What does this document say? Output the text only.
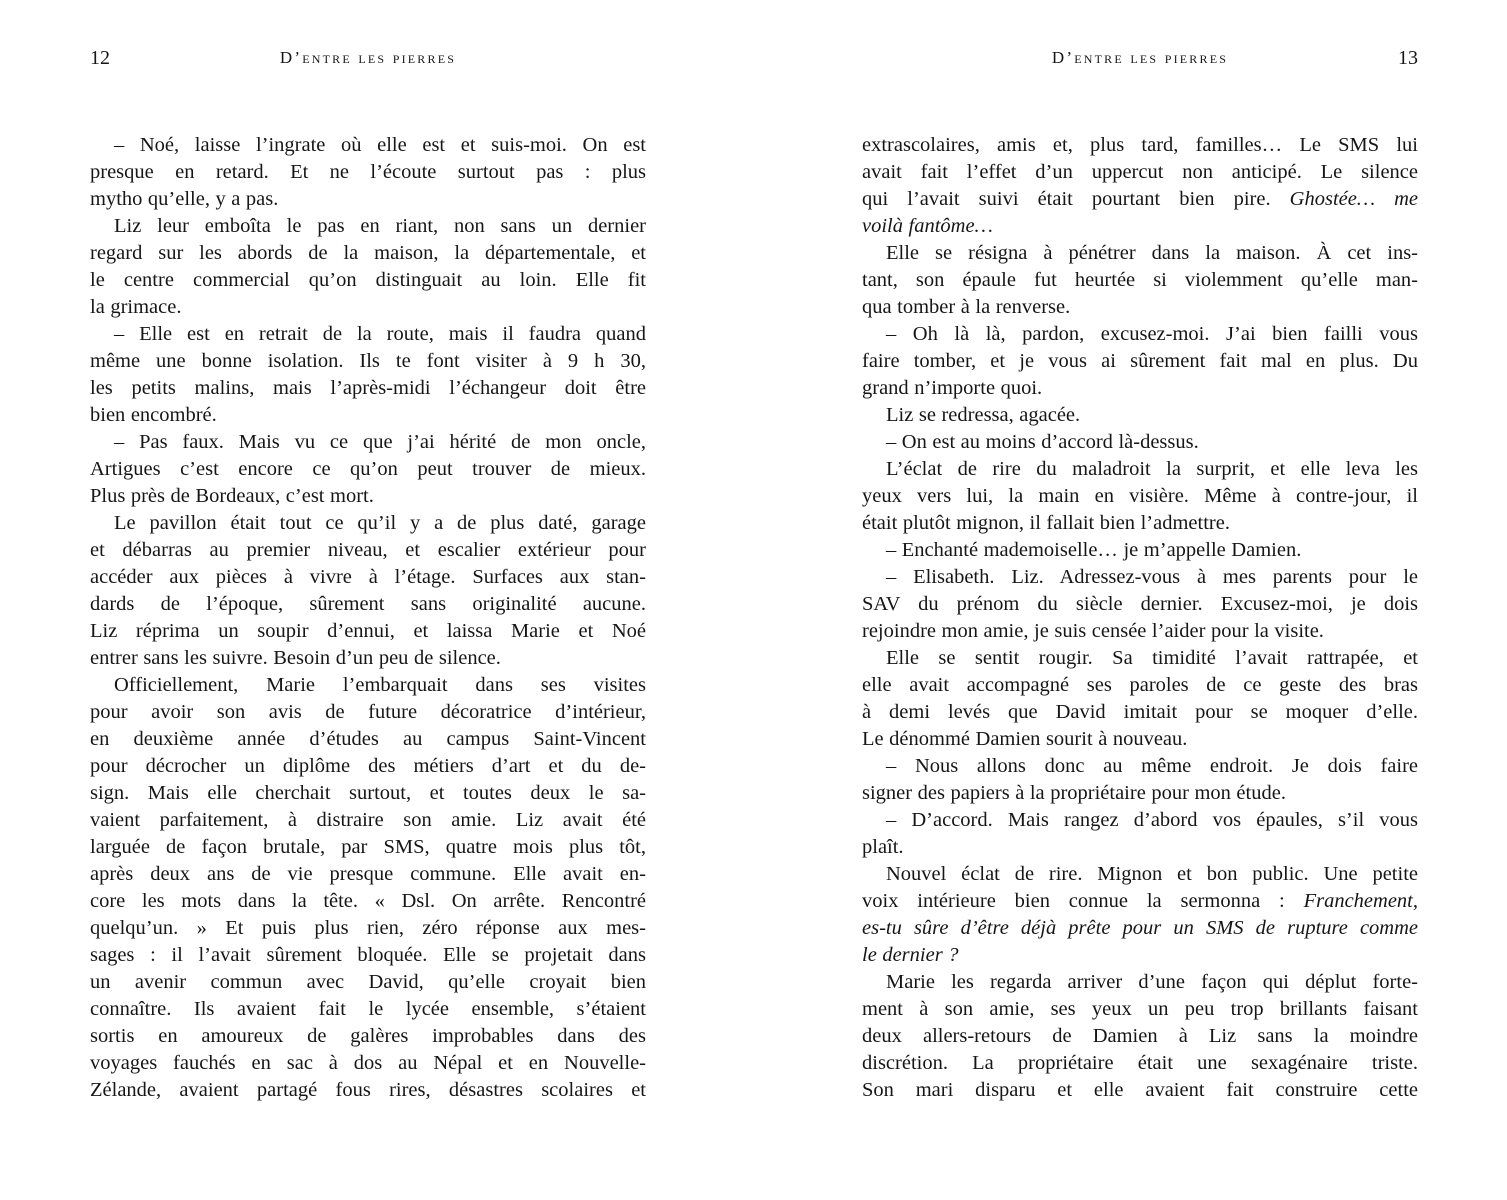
12	D’entre les pierres
– Noé, laisse l’ingrate où elle est et suis-moi. On est
presque en retard. Et ne l’écoute surtout pas : plus
mytho qu’elle, y a pas.
Liz leur emboîta le pas en riant, non sans un dernier
regard sur les abords de la maison, la départementale, et
le centre commercial qu’on distinguait au loin. Elle fit
la grimace.
– Elle est en retrait de la route, mais il faudra quand
même une bonne isolation. Ils te font visiter à 9 h 30,
les petits malins, mais l’après-midi l’échangeur doit être
bien encombré.
– Pas faux. Mais vu ce que j’ai hérité de mon oncle,
Artigues c’est encore ce qu’on peut trouver de mieux.
Plus près de Bordeaux, c’est mort.
Le pavillon était tout ce qu’il y a de plus daté, garage
et débarras au premier niveau, et escalier extérieur pour
accéder aux pièces à vivre à l’étage. Surfaces aux stan-
dards de l’époque, sûrement sans originalité aucune.
Liz réprima un soupir d’ennui, et laissa Marie et Noé
entrer sans les suivre. Besoin d’un peu de silence.
Officiellement, Marie l’embarquait dans ses visites
pour avoir son avis de future décoratrice d’intérieur,
en deuxième année d’études au campus Saint-Vincent
pour décrocher un diplôme des métiers d’art et du de-
sign. Mais elle cherchait surtout, et toutes deux le sa-
vaient parfaitement, à distraire son amie. Liz avait été
larguée de façon brutale, par SMS, quatre mois plus tôt,
après deux ans de vie presque commune. Elle avait en-
core les mots dans la tête. « Dsl. On arrête. Rencontré
quelqu’un. » Et puis plus rien, zéro réponse aux mes-
sages : il l’avait sûrement bloquée. Elle se projetait dans
un avenir commun avec David, qu’elle croyait bien
connaître. Ils avaient fait le lycée ensemble, s’étaient
sortis en amoureux de galères improbables dans des
voyages fauchés en sac à dos au Népal et en Nouvelle-
Zélande, avaient partagé fous rires, désastres scolaires et
D’entre les pierres	13
extrascolaires, amis et, plus tard, familles… Le SMS lui
avait fait l’effet d’un uppercut non anticipé. Le silence
qui l’avait suivi était pourtant bien pire. Ghostée… me
voilà fantôme…
Elle se résigna à pénétrer dans la maison. À cet ins-
tant, son épaule fut heurtée si violemment qu’elle man-
qua tomber à la renverse.
– Oh là là, pardon, excusez-moi. J’ai bien failli vous
faire tomber, et je vous ai sûrement fait mal en plus. Du
grand n’importe quoi.
Liz se redressa, agacée.
– On est au moins d’accord là-dessus.
L’éclat de rire du maladroit la surprit, et elle leva les
yeux vers lui, la main en visière. Même à contre-jour, il
était plutôt mignon, il fallait bien l’admettre.
– Enchanté mademoiselle… je m’appelle Damien.
– Elisabeth. Liz. Adressez-vous à mes parents pour le
SAV du prénom du siècle dernier. Excusez-moi, je dois
rejoindre mon amie, je suis censée l’aider pour la visite.
Elle se sentit rougir. Sa timidité l’avait rattrapée, et
elle avait accompagné ses paroles de ce geste des bras
à demi levés que David imitait pour se moquer d’elle.
Le dénommé Damien sourit à nouveau.
– Nous allons donc au même endroit. Je dois faire
signer des papiers à la propriétaire pour mon étude.
– D’accord. Mais rangez d’abord vos épaules, s’il vous
plaît.
Nouvel éclat de rire. Mignon et bon public. Une petite
voix intérieure bien connue la sermonna : Franchement,
es-tu sûre d’être déjà prête pour un SMS de rupture comme
le dernier ?
Marie les regarda arriver d’une façon qui déplut forte-
ment à son amie, ses yeux un peu trop brillants faisant
deux allers-retours de Damien à Liz sans la moindre
discrétion. La propriétaire était une sexagénaire triste.
Son mari disparu et elle avaient fait construire cette
